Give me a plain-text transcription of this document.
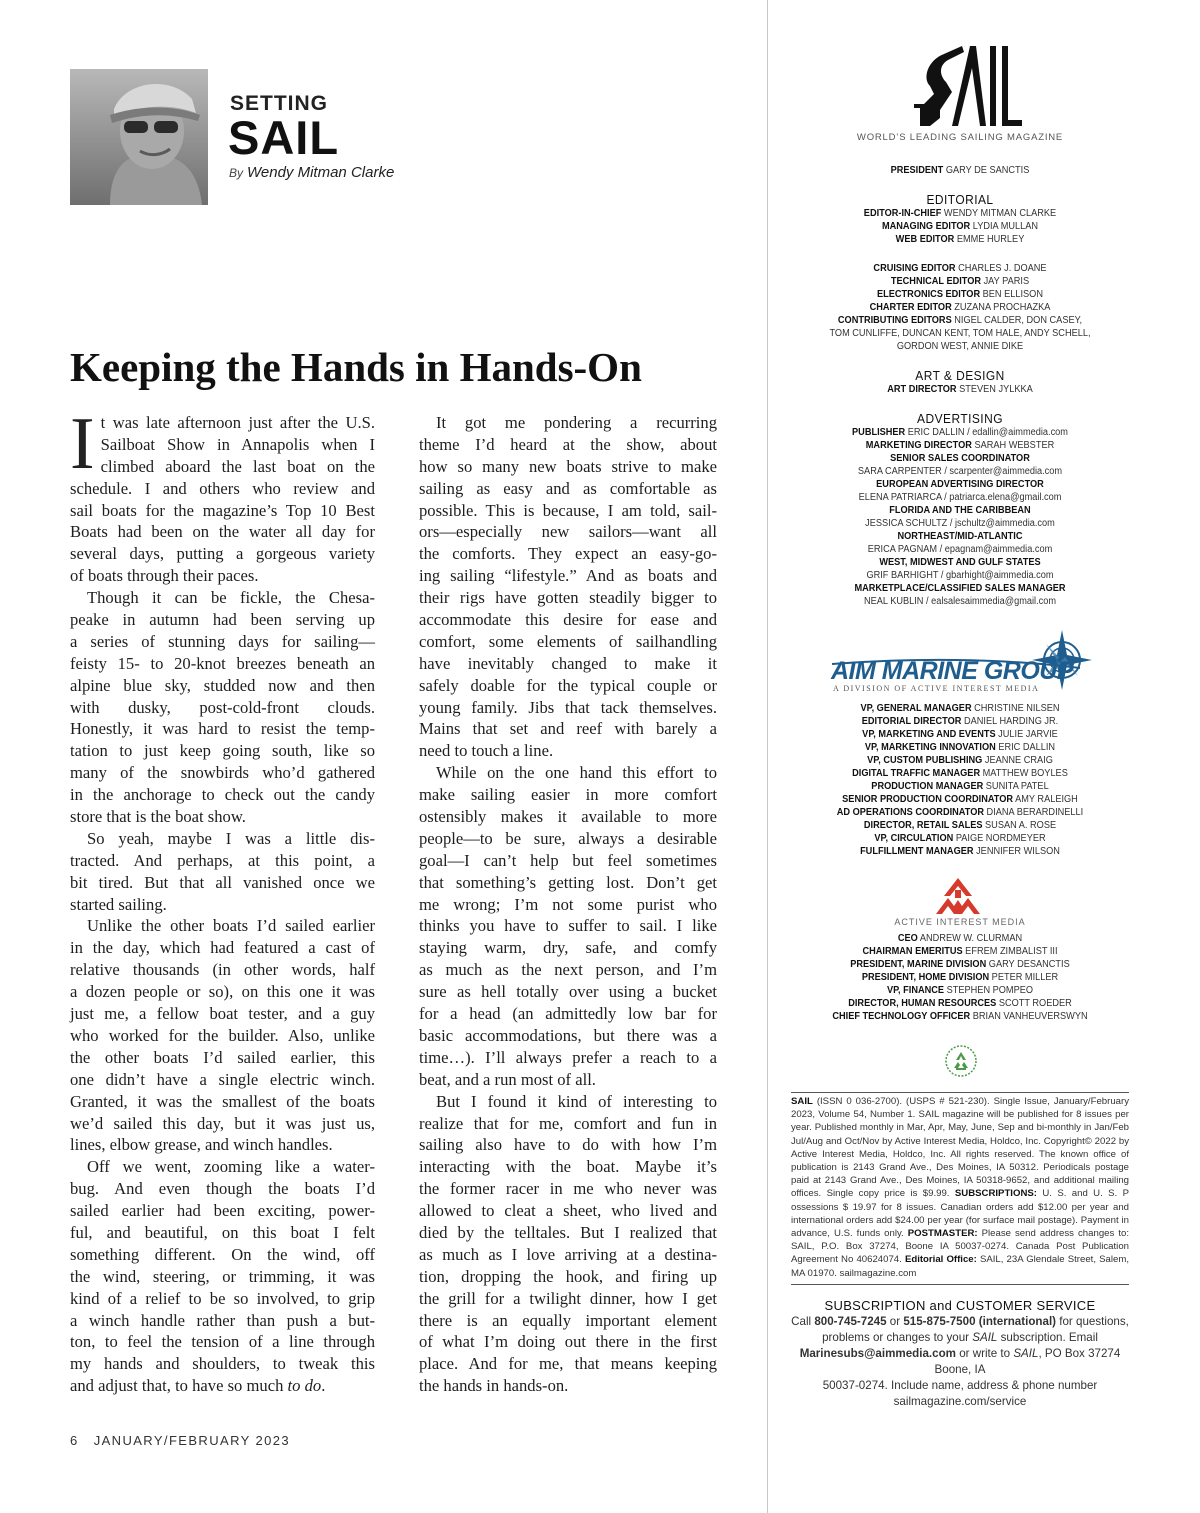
SETTING
SAIL
By Wendy Mitman Clarke
Keeping the Hands in Hands-On
I t was late afternoon just after the U.S.
Sailboat Show in Annapolis when I
climbed aboard the last boat on the
schedule. I and others who review and
sail boats for the magazine’s Top 10 Best
Boats had been on the water all day for
several days, putting a gorgeous variety
of boats through their paces.
Though it can be fickle, the Chesa-
peake in autumn had been serving up
a series of stunning days for sailing—
feisty 15- to 20-knot breezes beneath an
alpine blue sky, studded now and then
with dusky, post-cold-front clouds.
Honestly, it was hard to resist the temp-
tation to just keep going south, like so
many of the snowbirds who’d gathered
in the anchorage to check out the candy
store that is the boat show.
So yeah, maybe I was a little dis-
tracted. And perhaps, at this point, a
bit tired. But that all vanished once we
started sailing.
Unlike the other boats I’d sailed earlier
in the day, which had featured a cast of
relative thousands (in other words, half
a dozen people or so), on this one it was
just me, a fellow boat tester, and a guy
who worked for the builder. Also, unlike
the other boats I’d sailed earlier, this
one didn’t have a single electric winch.
Granted, it was the smallest of the boats
we’d sailed this day, but it was just us,
lines, elbow grease, and winch handles.
Off we went, zooming like a water-
bug. And even though the boats I’d
sailed earlier had been exciting, power-
ful, and beautiful, on this boat I felt
something different. On the wind, off
the wind, steering, or trimming, it was
kind of a relief to be so involved, to grip
a winch handle rather than push a but-
ton, to feel the tension of a line through
my hands and shoulders, to tweak this
and adjust that, to have so much to do.
It got me pondering a recurring
theme I’d heard at the show, about
how so many new boats strive to make
sailing as easy and as comfortable as
possible. This is because, I am told, sail-
ors—especially new sailors—want all
the comforts. They expect an easy-go-
ing sailing “lifestyle.” And as boats and
their rigs have gotten steadily bigger to
accommodate this desire for ease and
comfort, some elements of sailhandling
have inevitably changed to make it
safely doable for the typical couple or
young family. Jibs that tack themselves.
Mains that set and reef with barely a
need to touch a line.
While on the one hand this effort to
make sailing easier in more comfort
ostensibly makes it available to more
people—to be sure, always a desirable
goal—I can’t help but feel sometimes
that something’s getting lost. Don’t get
me wrong; I’m not some purist who
thinks you have to suffer to sail. I like
staying warm, dry, safe, and comfy
as much as the next person, and I’m
sure as hell totally over using a bucket
for a head (an admittedly low bar for
basic accommodations, but there was a
time…). I’ll always prefer a reach to a
beat, and a run most of all.
But I found it kind of interesting to
realize that for me, comfort and fun in
sailing also have to do with how I’m
interacting with the boat. Maybe it’s
the former racer in me who never was
allowed to cleat a sheet, who lived and
died by the telltales. But I realized that
as much as I love arriving at a destina-
tion, dropping the hook, and firing up
the grill for a twilight dinner, how I get
there is an equally important element
of what I’m doing out there in the first
place. And for me, that means keeping
the hands in hands-on.
6 JANUARY/FEBRUARY 2023
WORLD’S LEADING SAILING MAGAZINE
PRESIDENT GARY DE SANCTIS
EDITORIAL
EDITOR-IN-CHIEF WENDY MITMAN CLARKE
MANAGING EDITOR LYDIA MULLAN
WEB EDITOR EMME HURLEY
CRUISING EDITOR CHARLES J. DOANE
TECHNICAL EDITOR JAY PARIS
ELECTRONICS EDITOR BEN ELLISON
CHARTER EDITOR ZUZANA PROCHAZKA
CONTRIBUTING EDITORS NIGEL CALDER, DON CASEY,
TOM CUNLIFFE, DUNCAN KENT, TOM HALE, ANDY SCHELL,
GORDON WEST, ANNIE DIKE
ART & DESIGN
ART DIRECTOR STEVEN JYLKKA
ADVERTISING
PUBLISHER ERIC DALLIN / edallin@aimmedia.com
MARKETING DIRECTOR SARAH WEBSTER
SENIOR SALES COORDINATOR
SARA CARPENTER / scarpenter@aimmedia.com
EUROPEAN ADVERTISING DIRECTOR
ELENA PATRIARCA / patriarca.elena@gmail.com
FLORIDA AND THE CARIBBEAN
JESSICA SCHULTZ / jschultz@aimmedia.com
NORTHEAST/MID-ATLANTIC
ERICA PAGNAM / epagnam@aimmedia.com
WEST, MIDWEST AND GULF STATES
GRIF BARHIGHT / gbarhight@aimmedia.com
MARKETPLACE/CLASSIFIED SALES MANAGER
NEAL KUBLIN / ealsalesaimmedia@gmail.com
AIM MARINE GROUP
A DIVISION OF ACTIVE INTEREST MEDIA
VP, GENERAL MANAGER CHRISTINE NILSEN
EDITORIAL DIRECTOR DANIEL HARDING JR.
VP, MARKETING AND EVENTS JULIE JARVIE
VP, MARKETING INNOVATION ERIC DALLIN
VP, CUSTOM PUBLISHING JEANNE CRAIG
DIGITAL TRAFFIC MANAGER MATTHEW BOYLES
PRODUCTION MANAGER SUNITA PATEL
SENIOR PRODUCTION COORDINATOR AMY RALEIGH
AD OPERATIONS COORDINATOR DIANA BERARDINELLI
DIRECTOR, RETAIL SALES SUSAN A. ROSE
VP, CIRCULATION PAIGE NORDMEYER
FULFILLMENT MANAGER JENNIFER WILSON
ACTIVE INTEREST MEDIA
CEO ANDREW W. CLURMAN
CHAIRMAN EMERITUS EFREM ZIMBALIST III
PRESIDENT, MARINE DIVISION GARY DESANCTIS
PRESIDENT, HOME DIVISION PETER MILLER
VP, FINANCE STEPHEN POMPEO
DIRECTOR, HUMAN RESOURCES SCOTT ROEDER
CHIEF TECHNOLOGY OFFICER BRIAN VANHEUVERSWYN
SAIL (ISSN 0 036-2700). (USPS # 521-230). Single Issue, January/February 2023, Volume 54, Number 1. SAIL magazine will be published for 8 issues per year. Published monthly in Mar, Apr, May, June, Sep and bi-monthly in Jan/Feb Jul/Aug and Oct/Nov by Active Interest Media, Holdco, Inc. Copyright© 2022 by Active Interest Media, Holdco, Inc. All rights reserved. The known office of publication is 2143 Grand Ave., Des Moines, IA 50312. Periodicals postage paid at 2143 Grand Ave., Des Moines, IA 50318-9652, and additional mailing offices. Single copy price is $9.99. SUBSCRIPTIONS: U. S. and U. S. P ossessions $ 19.97 for 8 issues. Canadian orders add $12.00 per year and international orders add $24.00 per year (for surface mail postage). Payment in advance, U.S. funds only. POSTMASTER: Please send address changes to: SAIL, P.O. Box 37274, Boone IA 50037-0274. Canada Post Publication Agreement No 40624074. Editorial Office: SAIL, 23A Glendale Street, Salem, MA 01970. sailmagazine.com
SUBSCRIPTION and CUSTOMER SERVICE
Call 800-745-7245 or 515-875-7500 (international) for questions,
problems or changes to your SAIL subscription. Email
Marinesubs@aimmedia.com or write to SAIL, PO Box 37274 Boone, IA
50037-0274. Include name, address & phone number
sailmagazine.com/service
